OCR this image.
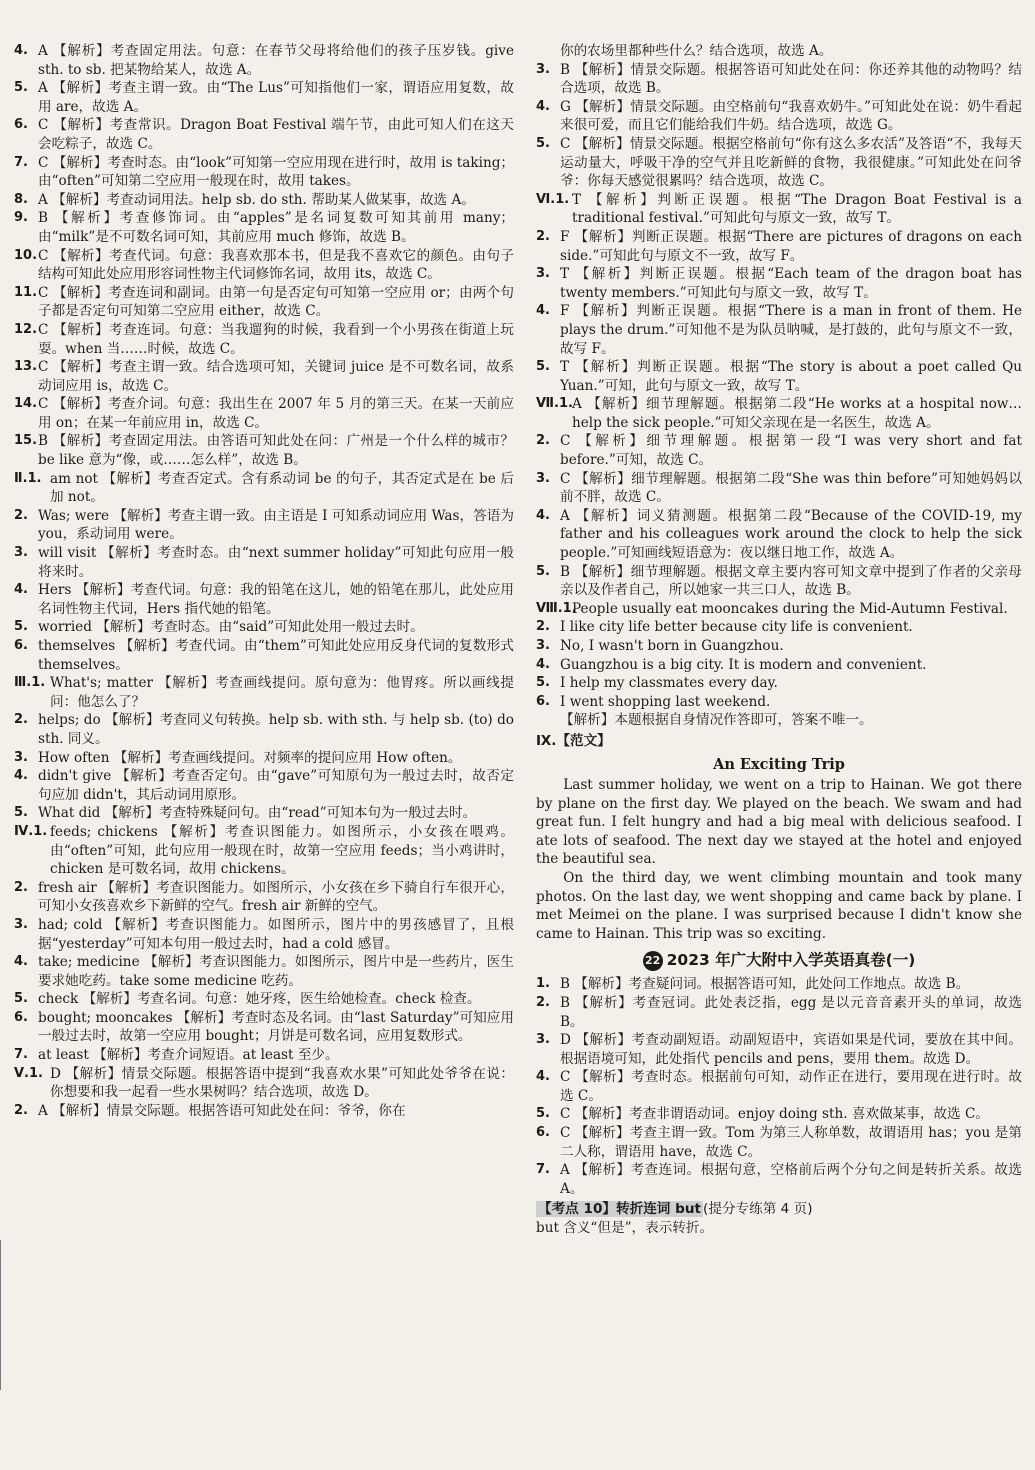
4. A 【解析】考查固定用法。句意：在春节父母将给他们的孩子压岁钱。give sth. to sb. 把某物给某人，故选 A。

5. A 【解析】考查主谓一致。由“The Lus”可知指他们一家，谓语应用复数，故用 are，故选 A。

6. C 【解析】考查常识。Dragon Boat Festival 端午节，由此可知人们在这天会吃粽子，故选 C。

7. C 【解析】考查时态。由“look”可知第一空应用现在进行时，故用 is taking；由“often”可知第二空应用一般现在时，故用 takes。

8. A 【解析】考查动词用法。help sb. do sth. 帮助某人做某事，故选 A。

9. B 【解析】考查修饰词。由“apples”是名词复数可知其前用 many；由“milk”是不可数名词可知，其前应用 much 修饰，故选 B。

10. C 【解析】考查代词。句意：我喜欢那本书，但是我不喜欢它的颜色。由句子结构可知此处应用形容词性物主代词修饰名词，故用 its，故选 C。

11. C 【解析】考查连词和副词。由第一句是否定句可知第一空应用 or；由两个句子都是否定句可知第二空应用 either，故选 C。

12. C 【解析】考查连词。句意：当我遛狗的时候，我看到一个小男孩在街道上玩耍。when 当……时候，故选 C。

13. C 【解析】考查主谓一致。结合选项可知，关键词 juice 是不可数名词，故系动词应用 is，故选 C。

14. C 【解析】考查介词。句意：我出生在 2007 年 5 月的第三天。在某一天前应用 on；在某一年前应用 in，故选 C。

15. B 【解析】考查固定用法。由答语可知此处在问：广州是一个什么样的城市？be like 意为“像，或……怎么样”，故选 B。

Ⅱ.1. am not 【解析】考查否定式。含有系动词 be 的句子，其否定式是在 be 后加 not。

2. Was; were 【解析】考查主谓一致。由主语是 I 可知系动词应用 Was，答语为 you，系动词用 were。

3. will visit 【解析】考查时态。由“next summer holiday”可知此句应用一般将来时。

4. Hers 【解析】考查代词。句意：我的铅笔在这儿，她的铅笔在那儿，此处应用名词性物主代词，Hers 指代她的铅笔。

5. worried 【解析】考查时态。由“said”可知此处用一般过去时。

6. themselves 【解析】考查代词。由“them”可知此处应用反身代词的复数形式 themselves。

Ⅲ.1. What's; matter 【解析】考查画线提问。原句意为：他胃疼。所以画线提问：他怎么了？

2. helps; do 【解析】考查同义句转换。help sb. with sth. 与 help sb. (to) do sth. 同义。

3. How often 【解析】考查画线提问。对频率的提问应用 How often。

4. didn't give 【解析】考查否定句。由“gave”可知原句为一般过去时，故否定句应加 didn't，其后动词用原形。

5. What did 【解析】考查特殊疑问句。由“read”可知本句为一般过去时。

Ⅳ.1. feeds; chickens 【解析】考查识图能力。如图所示，小女孩在喂鸡。由“often”可知，此句应用一般现在时，故第一空应用 feeds；当小鸡讲时，chicken 是可数名词，故用 chickens。

2. fresh air 【解析】考查识图能力。如图所示，小女孩在乡下骑自行车很开心，可知小女孩喜欢乡下新鲜的空气。fresh air 新鲜的空气。

3. had; cold 【解析】考查识图能力。如图所示，图片中的男孩感冒了，且根据“yesterday”可知本句用一般过去时，had a cold 感冒。

4. take; medicine 【解析】考查识图能力。如图所示，图片中是一些药片，医生要求她吃药。take some medicine 吃药。

5. check 【解析】考查名词。句意：她牙疼，医生给她检查。check 检查。

6. bought; mooncakes 【解析】考查时态及名词。由“last Saturday”可知应用一般过去时，故第一空应用 bought；月饼是可数名词，应用复数形式。

7. at least 【解析】考查介词短语。at least 至少。

Ⅴ.1. D 【解析】情景交际题。根据答语中提到“我喜欢水果”可知此处爷爷在说：你想要和我一起看一些水果树吗？结合选项，故选 D。

2. A 【解析】情景交际题。根据答语可知此处在问：爷爷，你在

你的农场里都种些什么？结合选项，故选 A。

3. B 【解析】情景交际题。根据答语可知此处在问：你还养其他的动物吗？结合选项，故选 B。

4. G 【解析】情景交际题。由空格前句“我喜欢奶牛。”可知此处在说：奶牛看起来很可爱，而且它们能给我们牛奶。结合选项，故选 G。

5. C 【解析】情景交际题。根据空格前句“你有这么多农活”及答语“不，我每天运动量大，呼吸干净的空气并且吃新鲜的食物，我很健康。”可知此处在问爷爷：你每天感觉很累吗？结合选项，故选 C。

Ⅵ.1. T 【解析】判断正误题。根据“The Dragon Boat Festival is a traditional festival.”可知此句与原文一致，故写 T。

2. F 【解析】判断正误题。根据“There are pictures of dragons on each side.”可知此句与原文不一致，故写 F。

3. T 【解析】判断正误题。根据“Each team of the dragon boat has twenty members.”可知此句与原文一致，故写 T。

4. F 【解析】判断正误题。根据“There is a man in front of them. He plays the drum.”可知他不是为队员呐喊，是打鼓的，此句与原文不一致，故写 F。

5. T 【解析】判断正误题。根据“The story is about a poet called Qu Yuan.”可知，此句与原文一致，故写 T。

Ⅶ.1. A 【解析】细节理解题。根据第二段“He works at a hospital now…help the sick people.”可知父亲现在是一名医生，故选 A。

2. C 【解析】细节理解题。根据第一段“I was very short and fat before.”可知，故选 C。

3. C 【解析】细节理解题。根据第二段“She was thin before”可知她妈妈以前不胖，故选 C。

4. A 【解析】词义猜测题。根据第二段“Because of the COVID-19, my father and his colleagues work around the clock to help the sick people.”可知画线短语意为：夜以继日地工作，故选 A。

5. B 【解析】细节理解题。根据文章主要内容可知文章中提到了作者的父亲母亲以及作者自己，所以她家一共三口人，故选 B。

Ⅷ.1.
People usually eat mooncakes during the Mid-Autumn Festival.

2. I like city life better because city life is convenient.

3. No, I wasn't born in Guangzhou.

4. Guangzhou is a big city. It is modern and convenient.

5. I help my classmates every day.

6. I went shopping last weekend.

【解析】本题根据自身情况作答即可，答案不唯一。

Ⅸ.【范文】

An Exciting Trip

Last summer holiday, we went on a trip to Hainan. We got there by plane on the first day. We played on the beach. We swam and had great fun. I felt hungry and had a big meal with delicious seafood. I ate lots of seafood. The next day we stayed at the hotel and enjoyed the beautiful sea.

On the third day, we went climbing mountain and took many photos. On the last day, we went shopping and came back by plane. I met Meimei on the plane. I was surprised because I didn't know she came to Hainan. This trip was so exciting.

22 2023 年广大附中入学英语真卷(一)

1. B 【解析】考查疑问词。根据答语可知，此处问工作地点。故选 B。

2. B 【解析】考查冠词。此处表泛指，egg 是以元音音素开头的单词，故选 B。

3. D 【解析】考查动副短语。动副短语中，宾语如果是代词，要放在其中间。根据语境可知，此处指代 pencils and pens，要用 them。故选 D。

4. C 【解析】考查时态。根据前句可知，动作正在进行，要用现在进行时。故选 C。

5. C 【解析】考查非谓语动词。enjoy doing sth. 喜欢做某事，故选 C。

6. C 【解析】考查主谓一致。Tom 为第三人称单数，故谓语用 has；you 是第二人称，谓语用 have，故选 C。

7. A 【解析】考查连词。根据句意，空格前后两个分句之间是转折关系。故选 A。

【考点 10】转折连词 but (提分专练第 4 页)

but 含义“但是”，表示转折。
